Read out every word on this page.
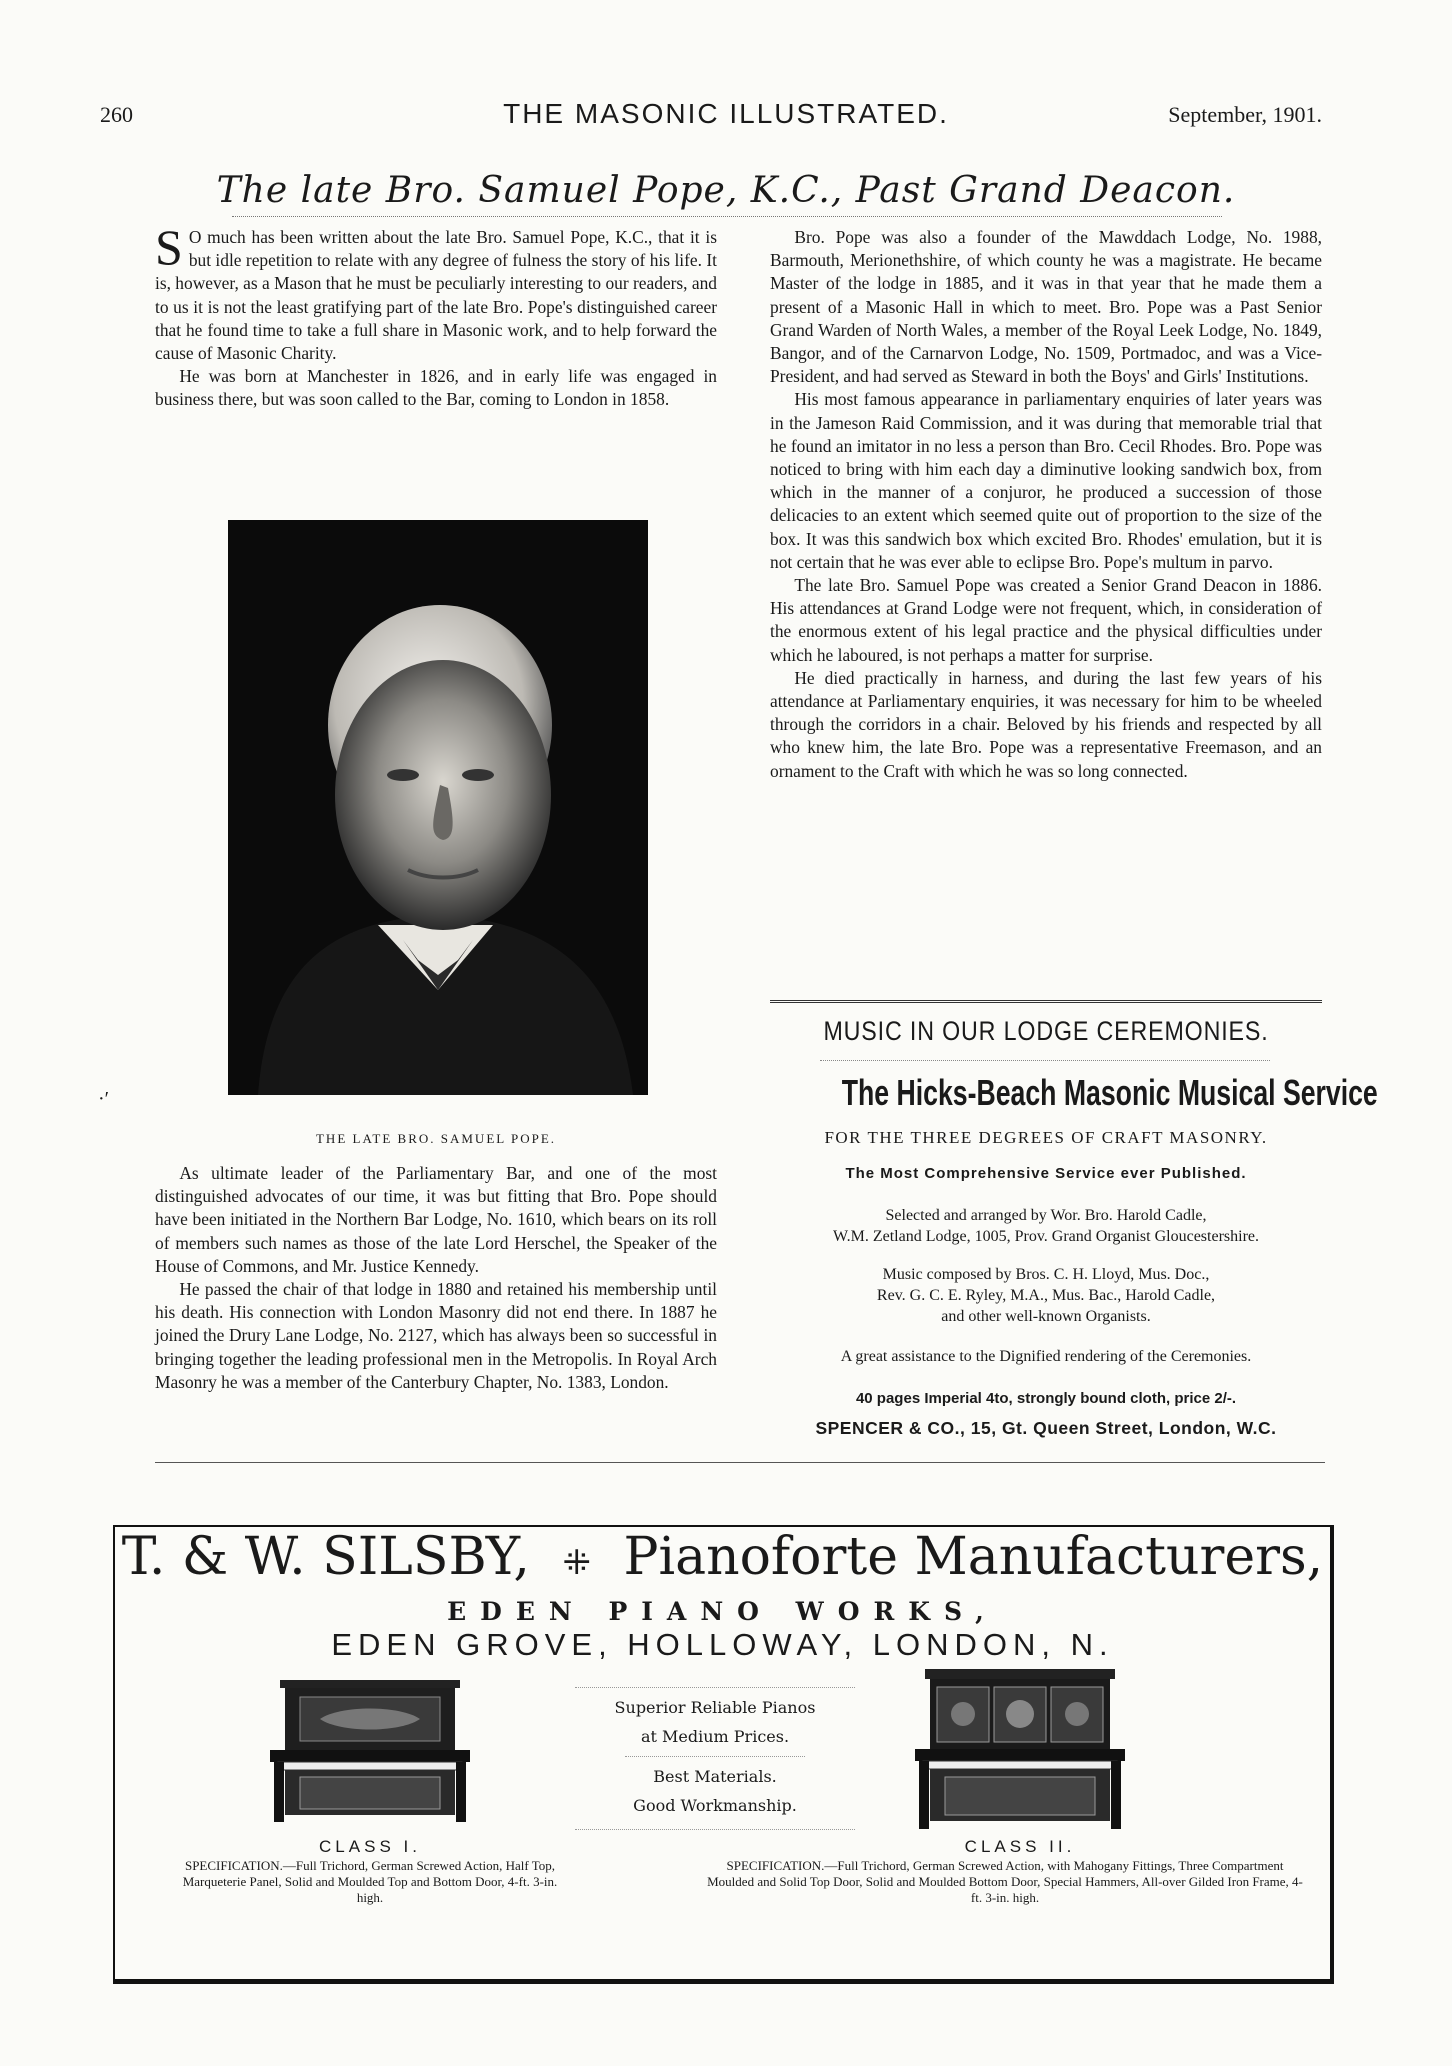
260	THE MASONIC ILLUSTRATED.	September, 1901.
The late Bro. Samuel Pope, K.C., Past Grand Deacon.

S O much has been written about the late Bro. Samuel Pope, K.C., that it is but idle repetition to relate with any degree of fulness the story of his life. It is, however, as a Mason that he must be peculiarly interesting to our readers, and to us it is not the least gratifying part of the late Bro. Pope's distinguished career that he found time to take a full share in Masonic work, and to help forward the cause of Masonic Charity.

He was born at Manchester in 1826, and in early life was engaged in business there, but was soon called to the Bar, coming to London in 1858.

THE LATE BRO. SAMUEL POPE.

As ultimate leader of the Parliamentary Bar, and one of the most distinguished advocates of our time, it was but fitting that Bro. Pope should have been initiated in the Northern Bar Lodge, No. 1610, which bears on its roll of members such names as those of the late Lord Herschel, the Speaker of the House of Commons, and Mr. Justice Kennedy.

He passed the chair of that lodge in 1880 and retained his membership until his death. His connection with London Masonry did not end there. In 1887 he joined the Drury Lane Lodge, No. 2127, which has always been so successful in bringing together the leading professional men in the Metropolis. In Royal Arch Masonry he was a member of the Canterbury Chapter, No. 1383, London.

Bro. Pope was also a founder of the Mawddach Lodge, No. 1988, Barmouth, Merionethshire, of which county he was a magistrate. He became Master of the lodge in 1885, and it was in that year that he made them a present of a Masonic Hall in which to meet. Bro. Pope was a Past Senior Grand Warden of North Wales, a member of the Royal Leek Lodge, No. 1849, Bangor, and of the Carnarvon Lodge, No. 1509, Portmadoc, and was a Vice-President, and had served as Steward in both the Boys' and Girls' Institutions.

His most famous appearance in parliamentary enquiries of later years was in the Jameson Raid Commission, and it was during that memorable trial that he found an imitator in no less a person than Bro. Cecil Rhodes. Bro. Pope was noticed to bring with him each day a diminutive looking sandwich box, from which in the manner of a conjuror, he produced a succession of those delicacies to an extent which seemed quite out of proportion to the size of the box. It was this sandwich box which excited Bro. Rhodes' emulation, but it is not certain that he was ever able to eclipse Bro. Pope's multum in parvo.

The late Bro. Samuel Pope was created a Senior Grand Deacon in 1886. His attendances at Grand Lodge were not frequent, which, in consideration of the enormous extent of his legal practice and the physical difficulties under which he laboured, is not perhaps a matter for surprise.

He died practically in harness, and during the last few years of his attendance at Parliamentary enquiries, it was necessary for him to be wheeled through the corridors in a chair. Beloved by his friends and respected by all who knew him, the late Bro. Pope was a representative Freemason, and an ornament to the Craft with which he was so long connected.

MUSIC IN OUR LODGE CEREMONIES.
The Hicks-Beach Masonic Musical Service
FOR THE THREE DEGREES OF CRAFT MASONRY.
The Most Comprehensive Service ever Published.
Selected and arranged by Wor. Bro. Harold Cadle,
W.M. Zetland Lodge, 1005, Prov. Grand Organist Gloucestershire.
Music composed by Bros. C. H. Lloyd, Mus. Doc.,
Rev. G. C. E. Ryley, M.A., Mus. Bac., Harold Cadle,
and other well-known Organists.
A great assistance to the Dignified rendering of the Ceremonies.
40 pages Imperial 4to, strongly bound cloth, price 2/-.
SPENCER & CO., 15, Gt. Queen Street, London, W.C.
·′
T. & W. SILSBY, ⁜ Pianoforte Manufacturers,
EDEN PIANO WORKS,
EDEN GROVE, HOLLOWAY, LONDON, N.
Superior Reliable Pianos
at Medium Prices.
Best Materials.
Good Workmanship.
CLASS I.
SPECIFICATION.—Full Trichord, German Screwed Action, Half Top, Marqueterie Panel, Solid and Moulded Top and Bottom Door, 4-ft. 3-in. high.
CLASS II.
SPECIFICATION.—Full Trichord, German Screwed Action, with Mahogany Fittings, Three Compartment Moulded and Solid Top Door, Solid and Moulded Bottom Door, Special Hammers, All-over Gilded Iron Frame, 4-ft. 3-in. high.
